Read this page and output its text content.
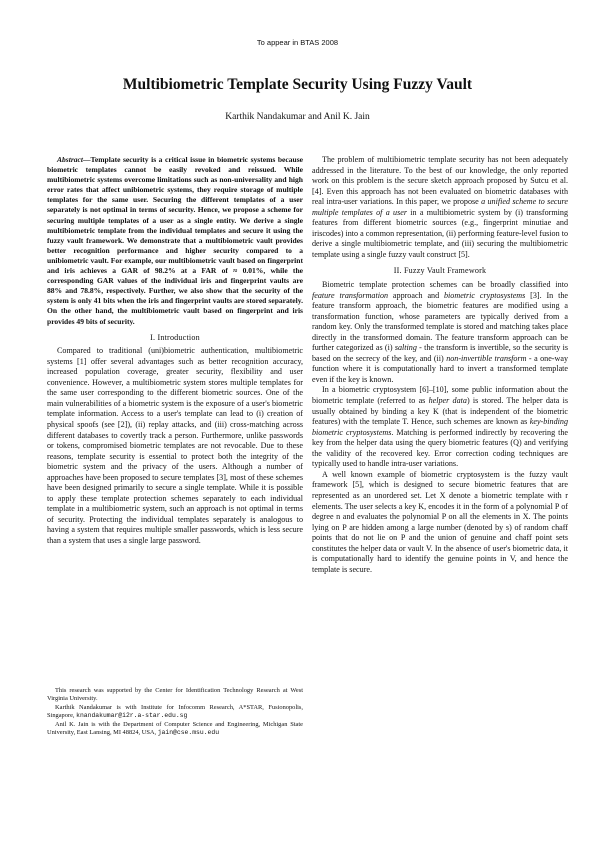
To appear in BTAS 2008
Multibiometric Template Security Using Fuzzy Vault
Karthik Nandakumar and Anil K. Jain

Abstract—Template security is a critical issue in biometric systems because biometric templates cannot be easily revoked and reissued. While multibiometric systems overcome limitations such as non-universality and high error rates that affect unibiometric systems, they require storage of multiple templates for the same user. Securing the different templates of a user separately is not optimal in terms of security. Hence, we propose a scheme for securing multiple templates of a user as a single entity. We derive a single multibiometric template from the individual templates and secure it using the fuzzy vault framework. We demonstrate that a multibiometric vault provides better recognition performance and higher security compared to a unibiometric vault. For example, our multibiometric vault based on fingerprint and iris achieves a GAR of 98.2% at a FAR of ≈ 0.01%, while the corresponding GAR values of the individual iris and fingerprint vaults are 88% and 78.8%, respectively. Further, we also show that the security of the system is only 41 bits when the iris and fingerprint vaults are stored separately. On the other hand, the multibiometric vault based on fingerprint and iris provides 49 bits of security.

I. Introduction

Compared to traditional (uni)biometric authentication, multibiometric systems [1] offer several advantages such as better recognition accuracy, increased population coverage, greater security, flexibility and user convenience. However, a multibiometric system stores multiple templates for the same user corresponding to the different biometric sources. One of the main vulnerabilities of a biometric system is the exposure of a user's biometric template information. Access to a user's template can lead to (i) creation of physical spoofs (see [2]), (ii) replay attacks, and (iii) cross-matching across different databases to covertly track a person. Furthermore, unlike passwords or tokens, compromised biometric templates are not revocable. Due to these reasons, template security is essential to protect both the integrity of the biometric system and the privacy of the users. Although a number of approaches have been proposed to secure templates [3], most of these schemes have been designed primarily to secure a single template. While it is possible to apply these template protection schemes separately to each individual template in a multibiometric system, such an approach is not optimal in terms of security. Protecting the individual templates separately is analogous to having a system that requires multiple smaller passwords, which is less secure than a system that uses a single large password.

This research was supported by the Center for Identification Technology Research at West Virginia University.

Karthik Nandakumar is with Institute for Infocomm Research, A*STAR, Fusionopolis, Singapore, knandakumar@i2r.a-star.edu.sg

Anil K. Jain is with the Department of Computer Science and Engineering, Michigan State University, East Lansing, MI 48824, USA, jain@cse.msu.edu

The problem of multibiometric template security has not been adequately addressed in the literature. To the best of our knowledge, the only reported work on this problem is the secure sketch approach proposed by Sutcu et al. [4]. Even this approach has not been evaluated on biometric databases with real intra-user variations. In this paper, we propose a unified scheme to secure multiple templates of a user in a multibiometric system by (i) transforming features from different biometric sources (e.g., fingerprint minutiae and iriscodes) into a common representation, (ii) performing feature-level fusion to derive a single multibiometric template, and (iii) securing the multibiometric template using a single fuzzy vault construct [5].

II. Fuzzy Vault Framework

Biometric template protection schemes can be broadly classified into feature transformation approach and biometric cryptosystems [3]. In the feature transform approach, the biometric features are modified using a transformation function, whose parameters are typically derived from a random key. Only the transformed template is stored and matching takes place directly in the transformed domain. The feature transform approach can be further categorized as (i) salting - the transform is invertible, so the security is based on the secrecy of the key, and (ii) non-invertible transform - a one-way function where it is computationally hard to invert a transformed template even if the key is known.

In a biometric cryptosystem [6]–[10], some public information about the biometric template (referred to as helper data) is stored. The helper data is usually obtained by binding a key K (that is independent of the biometric features) with the template T. Hence, such schemes are known as key-binding biometric cryptosystems. Matching is performed indirectly by recovering the key from the helper data using the query biometric features (Q) and verifying the validity of the recovered key. Error correction coding techniques are typically used to handle intra-user variations.

A well known example of biometric cryptosystem is the fuzzy vault framework [5], which is designed to secure biometric features that are represented as an unordered set. Let X denote a biometric template with r elements. The user selects a key K, encodes it in the form of a polynomial P of degree n and evaluates the polynomial P on all the elements in X. The points lying on P are hidden among a large number (denoted by s) of random chaff points that do not lie on P and the union of genuine and chaff point sets constitutes the helper data or vault V. In the absence of user's biometric data, it is computationally hard to identify the genuine points in V, and hence the template is secure.
